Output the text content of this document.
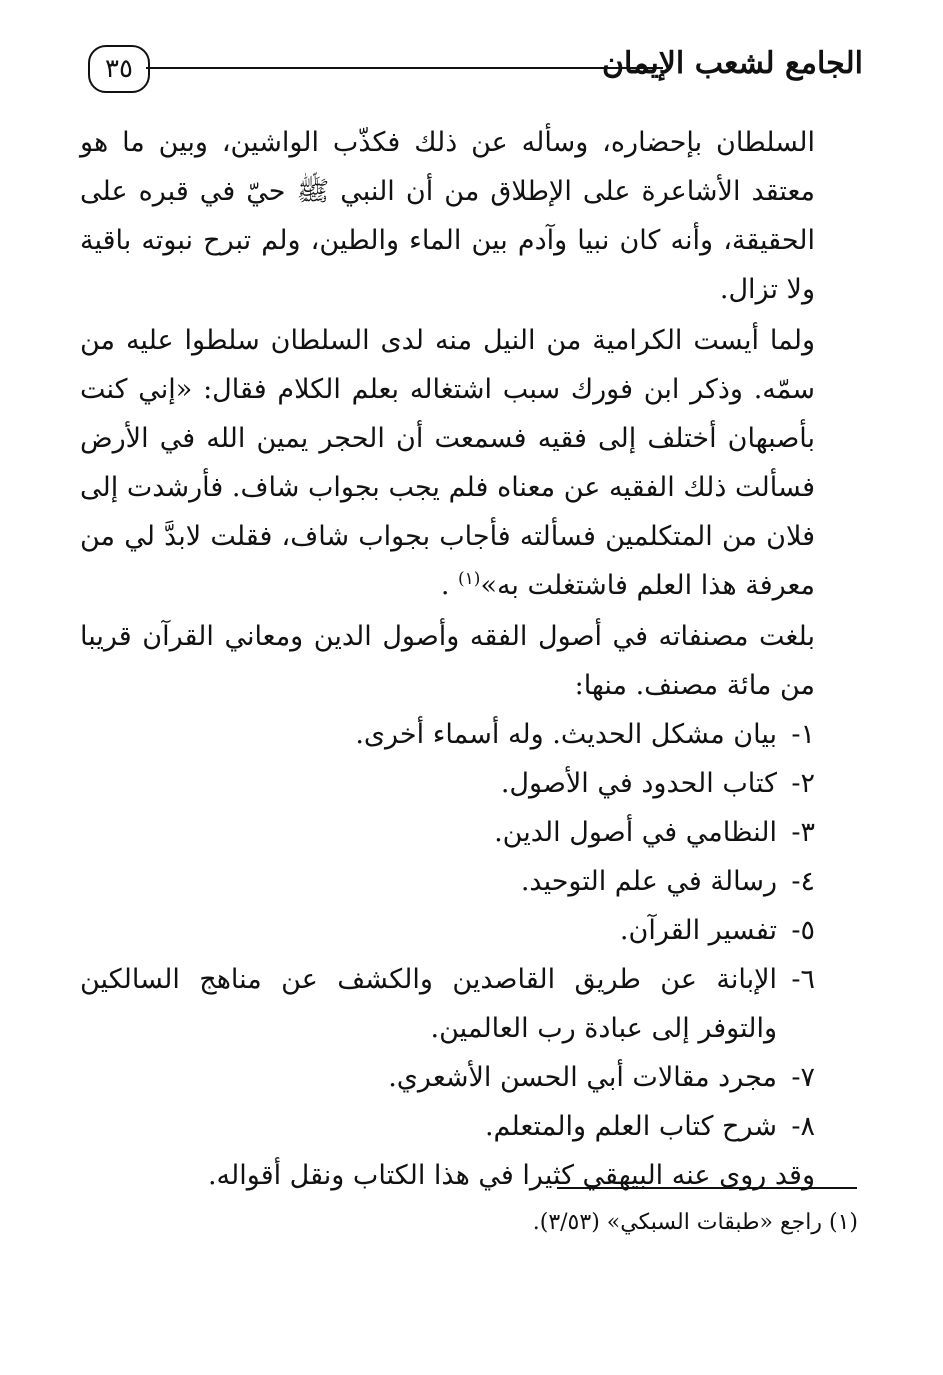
٣٥	الجامع لشعب الإيمان

السلطان بإحضاره، وسأله عن ذلك فكذّب الواشين، وبين ما هو معتقد الأشاعرة على الإطلاق من أن النبي ﷺ حيّ في قبره على الحقيقة، وأنه كان نبيا وآدم بين الماء والطين، ولم تبرح نبوته باقية ولا تزال.

ولما أيست الكرامية من النيل منه لدى السلطان سلطوا عليه من سمّه. وذكر ابن فورك سبب اشتغاله بعلم الكلام فقال: «إني كنت بأصبهان أختلف إلى فقيه فسمعت أن الحجر يمين الله في الأرض فسألت ذلك الفقيه عن معناه فلم يجب بجواب شاف. فأرشدت إلى فلان من المتكلمين فسألته فأجاب بجواب شاف، فقلت لابدَّ لي من معرفة هذا العلم فاشتغلت به»$^{(١)}$ .

بلغت مصنفاته في أصول الفقه وأصول الدين ومعاني القرآن قريبا من مائة مصنف. منها:

١-
بيان مشكل الحديث. وله أسماء أخرى.
٢-
كتاب الحدود في الأصول.
٣-
النظامي في أصول الدين.
٤-
رسالة في علم التوحيد.
٥-
تفسير القرآن.
٦-
الإبانة عن طريق القاصدين والكشف عن مناهج السالكين والتوفر إلى عبادة رب العالمين.
٧-
مجرد مقالات أبي الحسن الأشعري.
٨-
شرح كتاب العلم والمتعلم.

وقد روى عنه البيهقي كثيرا في هذا الكتاب ونقل أقواله.

(١) راجع «طبقات السبكي» (٣/٥٣).
